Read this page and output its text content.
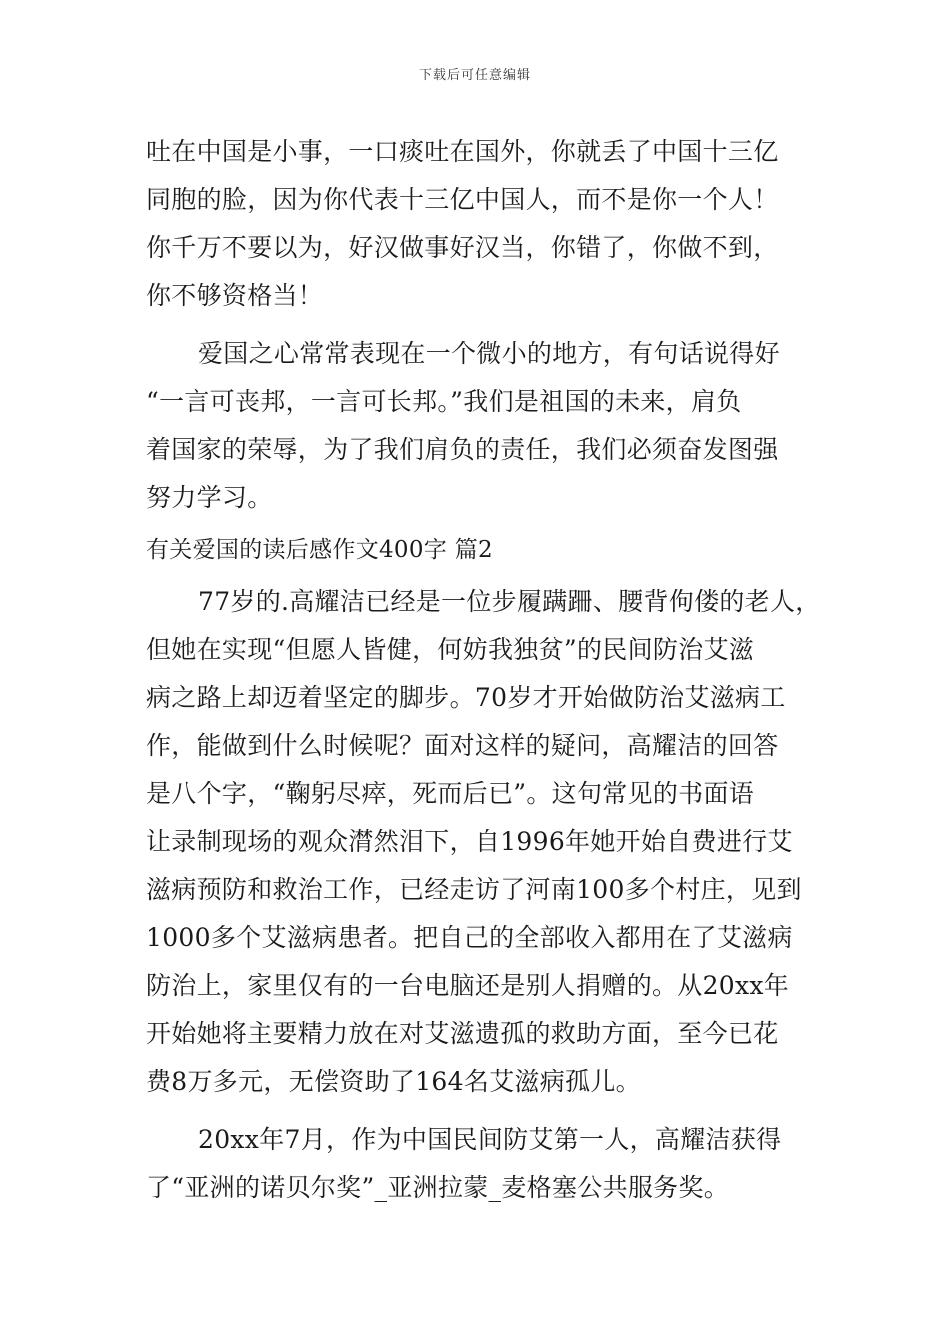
下载后可任意编辑
吐在中国是小事，一口痰吐在国外，你就丢了中国十三亿
同胞的脸，因为你代表十三亿中国人，而不是你一个人！
你千万不要以为，好汉做事好汉当，你错了，你做不到，
你不够资格当！
爱国之心常常表现在一个微小的地方，有句话说得好
“一言可丧邦，一言可长邦。”我们是祖国的未来，肩负
着国家的荣辱，为了我们肩负的责任，我们必须奋发图强
努力学习。
有关爱国的读后感作文400字 篇2
77岁的.高耀洁已经是一位步履蹒跚、腰背佝偻的老人，
但她在实现“但愿人皆健，何妨我独贫”的民间防治艾滋
病之路上却迈着坚定的脚步。70岁才开始做防治艾滋病工
作，能做到什么时候呢？面对这样的疑问，高耀洁的回答
是八个字，“鞠躬尽瘁，死而后已”。这句常见的书面语
让录制现场的观众潸然泪下，自1996年她开始自费进行艾
滋病预防和救治工作，已经走访了河南100多个村庄，见到
1000多个艾滋病患者。把自己的全部收入都用在了艾滋病
防治上，家里仅有的一台电脑还是别人捐赠的。从20xx年
开始她将主要精力放在对艾滋遗孤的救助方面，至今已花
费8万多元，无偿资助了164名艾滋病孤儿。
20xx年7月，作为中国民间防艾第一人，高耀洁获得
了“亚洲的诺贝尔奖”_亚洲拉蒙_麦格塞公共服务奖。
